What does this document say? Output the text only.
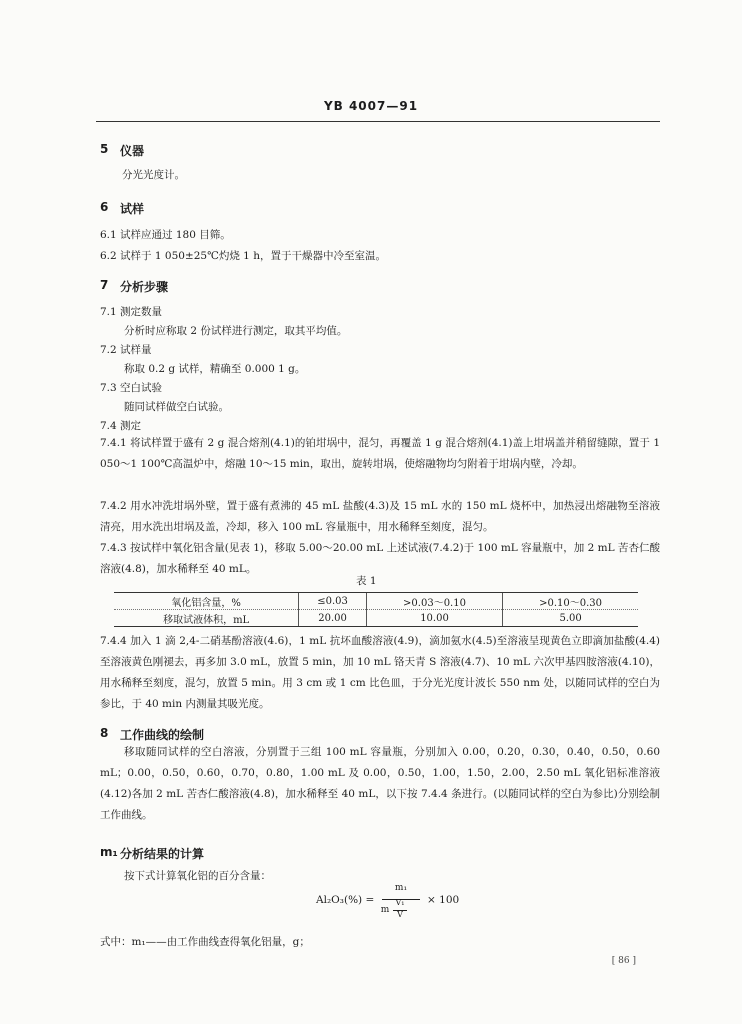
YB 4007—91
5 仪器
分光光度计。
6 试样
6.1 试样应通过 180 目筛。
6.2 试样于 1 050±25℃灼烧 1 h，置于干燥器中冷至室温。
7 分析步骤
7.1 测定数量
分析时应称取 2 份试样进行测定，取其平均值。
7.2 试样量
称取 0.2 g 试样，精确至 0.000 1 g。
7.3 空白试验
随同试样做空白试验。
7.4 测定
7.4.1 将试样置于盛有 2 g 混合熔剂(4.1)的铂坩埚中，混匀，再覆盖 1 g 混合熔剂(4.1)盖上坩埚盖并稍留缝隙，置于 1 050～1 100℃高温炉中，熔融 10～15 min，取出，旋转坩埚，使熔融物均匀附着于坩埚内壁，冷却。
7.4.2 用水冲洗坩埚外壁，置于盛有煮沸的 45 mL 盐酸(4.3)及 15 mL 水的 150 mL 烧杯中，加热浸出熔融物至溶液清亮，用水洗出坩埚及盖，冷却，移入 100 mL 容量瓶中，用水稀释至刻度，混匀。
7.4.3 按试样中氧化铝含量(见表 1)，移取 5.00～20.00 mL 上述试液(7.4.2)于 100 mL 容量瓶中，加 2 mL 苦杏仁酸溶液(4.8)，加水稀释至 40 mL。
表 1
氧化铝含量，%	≤0.03	>0.03～0.10	>0.10～0.30
移取试液体积，mL	20.00	10.00	5.00
7.4.4 加入 1 滴 2,4-二硝基酚溶液(4.6)，1 mL 抗坏血酸溶液(4.9)，滴加氨水(4.5)至溶液呈现黄色立即滴加盐酸(4.4)至溶液黄色刚褪去，再多加 3.0 mL，放置 5 min，加 10 mL 铬天青 S 溶液(4.7)、10 mL 六次甲基四胺溶液(4.10)，用水稀释至刻度，混匀，放置 5 min。用 3 cm 或 1 cm 比色皿，于分光光度计波长 550 nm 处，以随同试样的空白为参比，于 40 min 内测量其吸光度。
8 工作曲线的绘制
移取随同试样的空白溶液，分别置于三组 100 mL 容量瓶，分别加入 0.00，0.20，0.30，0.40，0.50，0.60 mL；0.00，0.50，0.60，0.70，0.80，1.00 mL 及 0.00，0.50，1.00，1.50，2.00，2.50 mL 氧化铝标准溶液(4.12)各加 2 mL 苦杏仁酸溶液(4.8)，加水稀释至 40 mL，以下按 7.4.4 条进行。(以随同试样的空白为参比)分别绘制工作曲线。
m₁ 分析结果的计算
按下式计算氧化铝的百分含量：
Al₂O₃(%) =
m₁
m
V₁
V
× 100
式中：m₁——由工作曲线查得氧化铝量，g；
[ 86 ]
